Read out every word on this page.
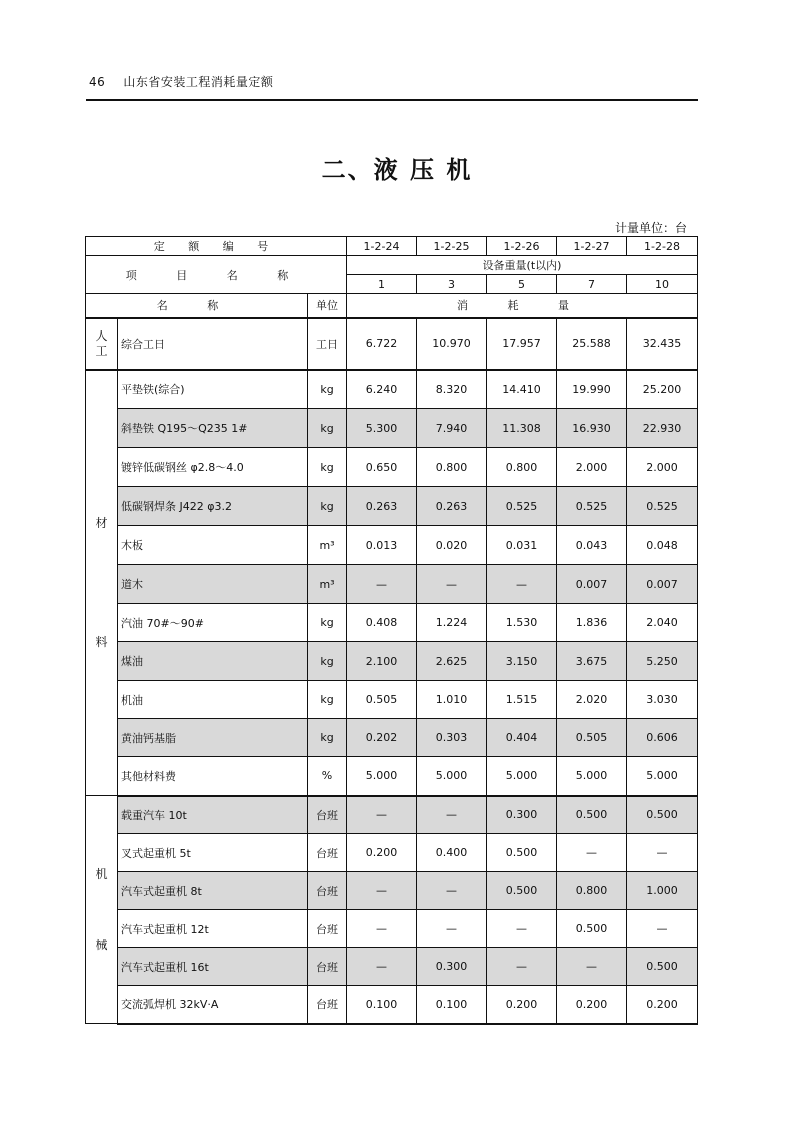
46 山东省安装工程消耗量定额
二、液 压 机
计量单位：台
定 额 编 号			1-2-24	1-2-25	1-2-26	1-2-27	1-2-28
项 目 名 称			设备重量(t以内)				
			1	3	5	7	10
名 称		单位	消 耗 量				

人
工	综合工日	工日	6.722	10.970	17.957	25.588	32.435

材
料	平垫铁(综合)	kg	6.240	8.320	14.410	19.990	25.200
	斜垫铁 Q195～Q235 1#	kg	5.300	7.940	11.308	16.930	22.930
	镀锌低碳钢丝 φ2.8～4.0	kg	0.650	0.800	0.800	2.000	2.000
	低碳钢焊条 J422 φ3.2	kg	0.263	0.263	0.525	0.525	0.525
	木板	m³	0.013	0.020	0.031	0.043	0.048
	道木	m³	—	—	—	0.007	0.007
	汽油 70#～90#	kg	0.408	1.224	1.530	1.836	2.040
	煤油	kg	2.100	2.625	3.150	3.675	5.250
	机油	kg	0.505	1.010	1.515	2.020	3.030
	黄油钙基脂	kg	0.202	0.303	0.404	0.505	0.606
	其他材料费	%	5.000	5.000	5.000	5.000	5.000

机
械	载重汽车 10t	台班	—	—	0.300	0.500	0.500
	叉式起重机 5t	台班	0.200	0.400	0.500	—	—
	汽车式起重机 8t	台班	—	—	0.500	0.800	1.000
	汽车式起重机 12t	台班	—	—	—	0.500	—
	汽车式起重机 16t	台班	—	0.300	—	—	0.500
	交流弧焊机 32kV·A	台班	0.100	0.100	0.200	0.200	0.200
